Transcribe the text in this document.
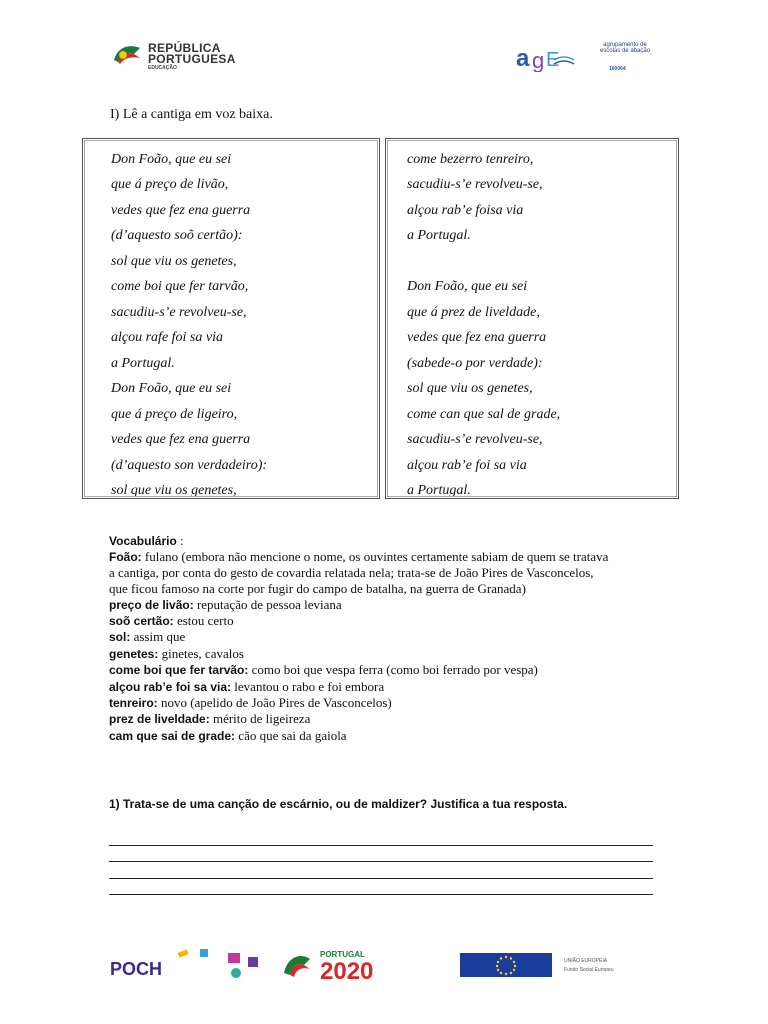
REPÚBLICA
PORTUGUESA
EDUCAÇÃO	a g E
agrupamento de escolas de abação
160064
I) Lê a cantiga em voz baixa.
Don Foão, que eu sei
que á preço de livão,
vedes que fez ena guerra
(d’aquesto soõ certão):
sol que viu os genetes,
come boi que fer tarvão,
sacudiu-s’e revolveu-se,
alçou rafe foi sa via
a Portugal.
Don Foão, que eu sei
que á preço de ligeiro,
vedes que fez ena guerra
(d’aquesto son verdadeiro):
sol que viu os genetes,
come bezerro tenreiro,
sacudiu-s’e revolveu-se,
alçou rab’e foisa via
a Portugal.
Don Foão, que eu sei
que á prez de liveldade,
vedes que fez ena guerra
(sabede-o por verdade):
sol que viu os genetes,
come can que sal de grade,
sacudiu-s’e revolveu-se,
alçou rab’e foi sa via
a Portugal.
Vocabulário :
Foão: fulano (embora não mencione o nome, os ouvintes certamente sabiam de quem se tratava
a cantiga, por conta do gesto de covardia relatada nela; trata-se de João Pires de Vasconcelos,
que ficou famoso na corte por fugir do campo de batalha, na guerra de Granada)
preço de livão: reputação de pessoa leviana
soõ certão: estou certo
sol: assim que
genetes: ginetes, cavalos
come boi que fer tarvão: como boi que vespa ferra (como boi ferrado por vespa)
alçou rab’e foi sa via: levantou o rabo e foi embora
tenreiro: novo (apelido de João Pires de Vasconcelos)
prez de liveldade: mérito de ligeireza
cam que sai de grade: cão que sai da gaiola
1) Trata-se de uma canção de escárnio, ou de maldizer? Justifica a tua resposta.
POCH
PORTUGAL
2020	UNIÃO EUROPEIA
Fundo Social Europeu
